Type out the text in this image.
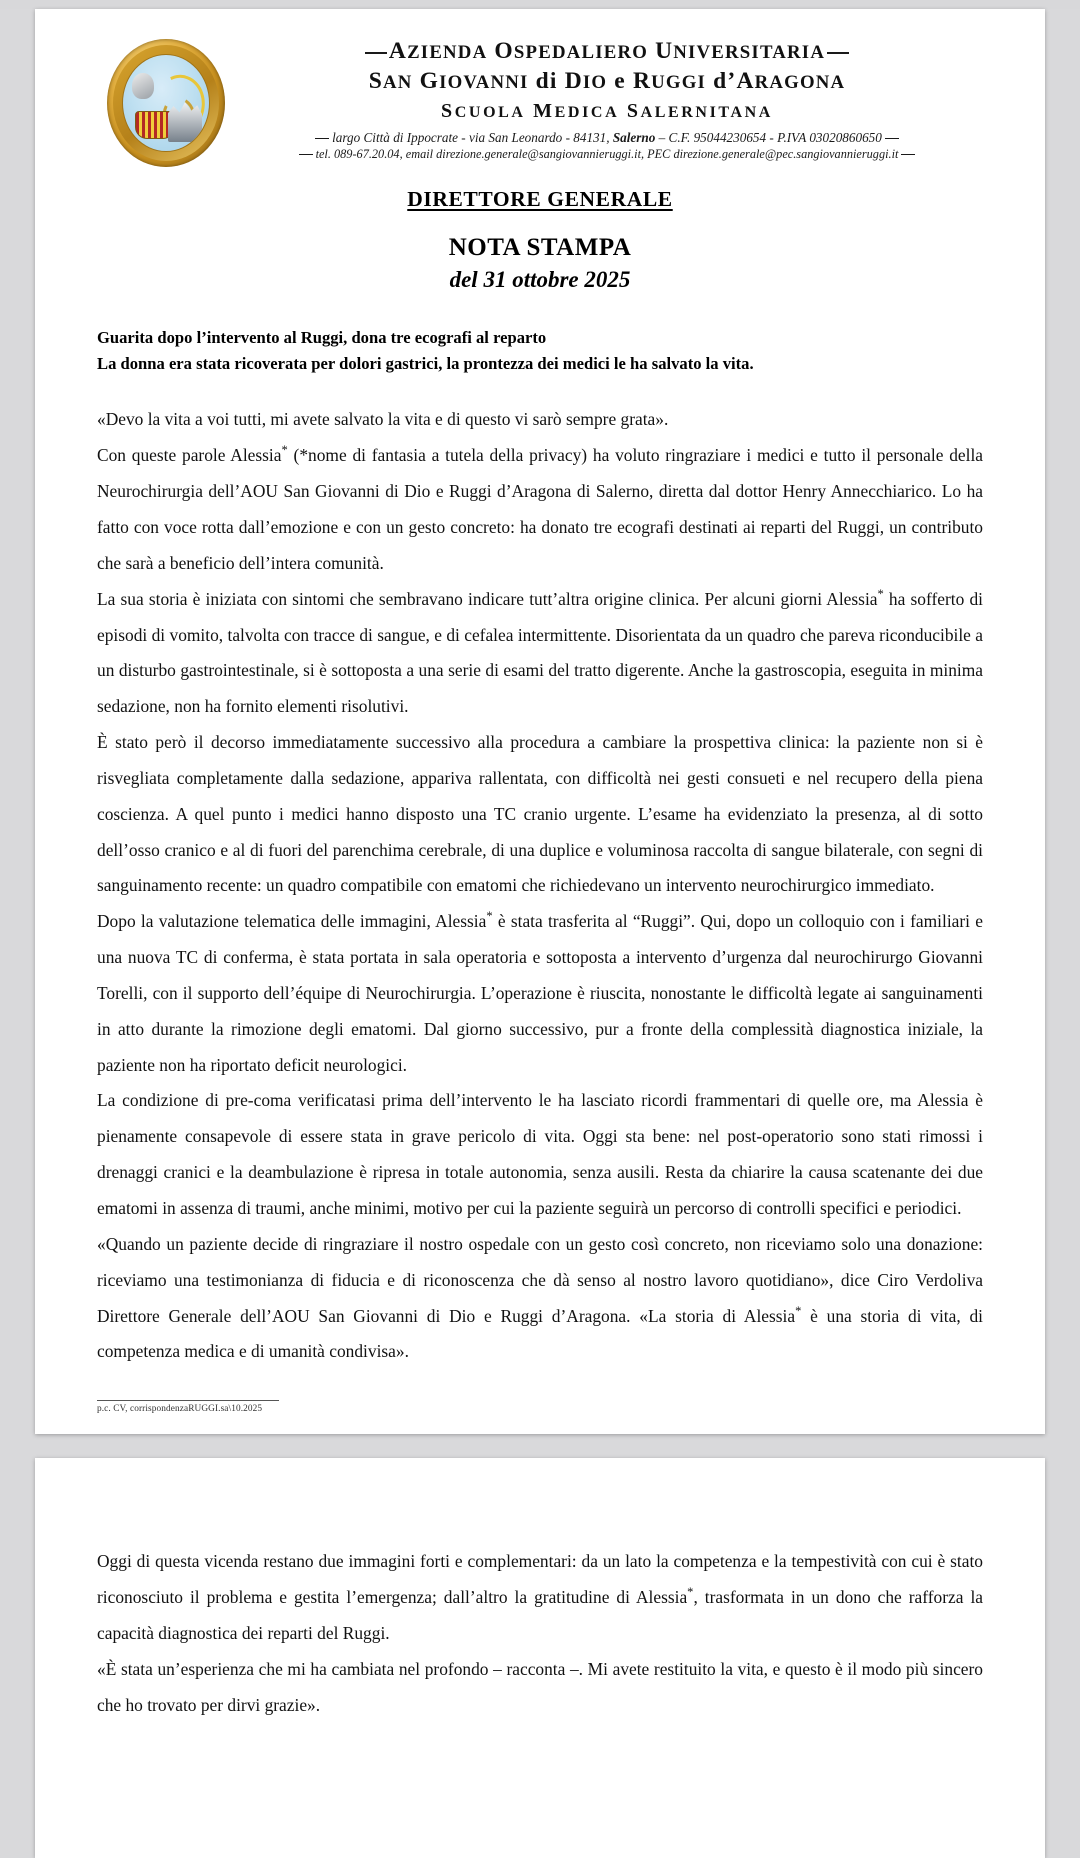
AZIENDA OSPEDALIERO UNIVERSITARIA
SAN GIOVANNI di DIO e RUGGI d’ARAGONA
SCUOLA MEDICA SALERNITANA
largo Città di Ippocrate - via San Leonardo - 84131, Salerno – C.F. 95044230654 - P.IVA 03020860650
tel. 089-67.20.04, email direzione.generale@sangiovannieruggi.it, PEC direzione.generale@pec.sangiovannieruggi.it
DIRETTORE GENERALE
NOTA STAMPA
del 31 ottobre 2025
Guarita dopo l’intervento al Ruggi, dona tre ecografi al reparto
La donna era stata ricoverata per dolori gastrici, la prontezza dei medici le ha salvato la vita.

«Devo la vita a voi tutti, mi avete salvato la vita e di questo vi sarò sempre grata».

Con queste parole Alessia* (*nome di fantasia a tutela della privacy) ha voluto ringraziare i medici e tutto il personale della Neurochirurgia dell’AOU San Giovanni di Dio e Ruggi d’Aragona di Salerno, diretta dal dottor Henry Annecchiarico. Lo ha fatto con voce rotta dall’emozione e con un gesto concreto: ha donato tre ecografi destinati ai reparti del Ruggi, un contributo che sarà a beneficio dell’intera comunità.

La sua storia è iniziata con sintomi che sembravano indicare tutt’altra origine clinica. Per alcuni giorni Alessia* ha sofferto di episodi di vomito, talvolta con tracce di sangue, e di cefalea intermittente. Disorientata da un quadro che pareva riconducibile a un disturbo gastrointestinale, si è sottoposta a una serie di esami del tratto digerente. Anche la gastroscopia, eseguita in minima sedazione, non ha fornito elementi risolutivi.

È stato però il decorso immediatamente successivo alla procedura a cambiare la prospettiva clinica: la paziente non si è risvegliata completamente dalla sedazione, appariva rallentata, con difficoltà nei gesti consueti e nel recupero della piena coscienza. A quel punto i medici hanno disposto una TC cranio urgente. L’esame ha evidenziato la presenza, al di sotto dell’osso cranico e al di fuori del parenchima cerebrale, di una duplice e voluminosa raccolta di sangue bilaterale, con segni di sanguinamento recente: un quadro compatibile con ematomi che richiedevano un intervento neurochirurgico immediato.

Dopo la valutazione telematica delle immagini, Alessia* è stata trasferita al “Ruggi”. Qui, dopo un colloquio con i familiari e una nuova TC di conferma, è stata portata in sala operatoria e sottoposta a intervento d’urgenza dal neurochirurgo Giovanni Torelli, con il supporto dell’équipe di Neurochirurgia. L’operazione è riuscita, nonostante le difficoltà legate ai sanguinamenti in atto durante la rimozione degli ematomi. Dal giorno successivo, pur a fronte della complessità diagnostica iniziale, la paziente non ha riportato deficit neurologici.

La condizione di pre-coma verificatasi prima dell’intervento le ha lasciato ricordi frammentari di quelle ore, ma Alessia è pienamente consapevole di essere stata in grave pericolo di vita. Oggi sta bene: nel post-operatorio sono stati rimossi i drenaggi cranici e la deambulazione è ripresa in totale autonomia, senza ausili. Resta da chiarire la causa scatenante dei due ematomi in assenza di traumi, anche minimi, motivo per cui la paziente seguirà un percorso di controlli specifici e periodici.

«Quando un paziente decide di ringraziare il nostro ospedale con un gesto così concreto, non riceviamo solo una donazione: riceviamo una testimonianza di fiducia e di riconoscenza che dà senso al nostro lavoro quotidiano», dice Ciro Verdoliva Direttore Generale dell’AOU San Giovanni di Dio e Ruggi d’Aragona. «La storia di Alessia* è una storia di vita, di competenza medica e di umanità condivisa».

p.c. CV, corrispondenzaRUGGI.sa\10.2025

Oggi di questa vicenda restano due immagini forti e complementari: da un lato la competenza e la tempestività con cui è stato riconosciuto il problema e gestita l’emergenza; dall’altro la gratitudine di Alessia*, trasformata in un dono che rafforza la capacità diagnostica dei reparti del Ruggi.

«È stata un’esperienza che mi ha cambiata nel profondo – racconta –. Mi avete restituito la vita, e questo è il modo più sincero che ho trovato per dirvi grazie».
